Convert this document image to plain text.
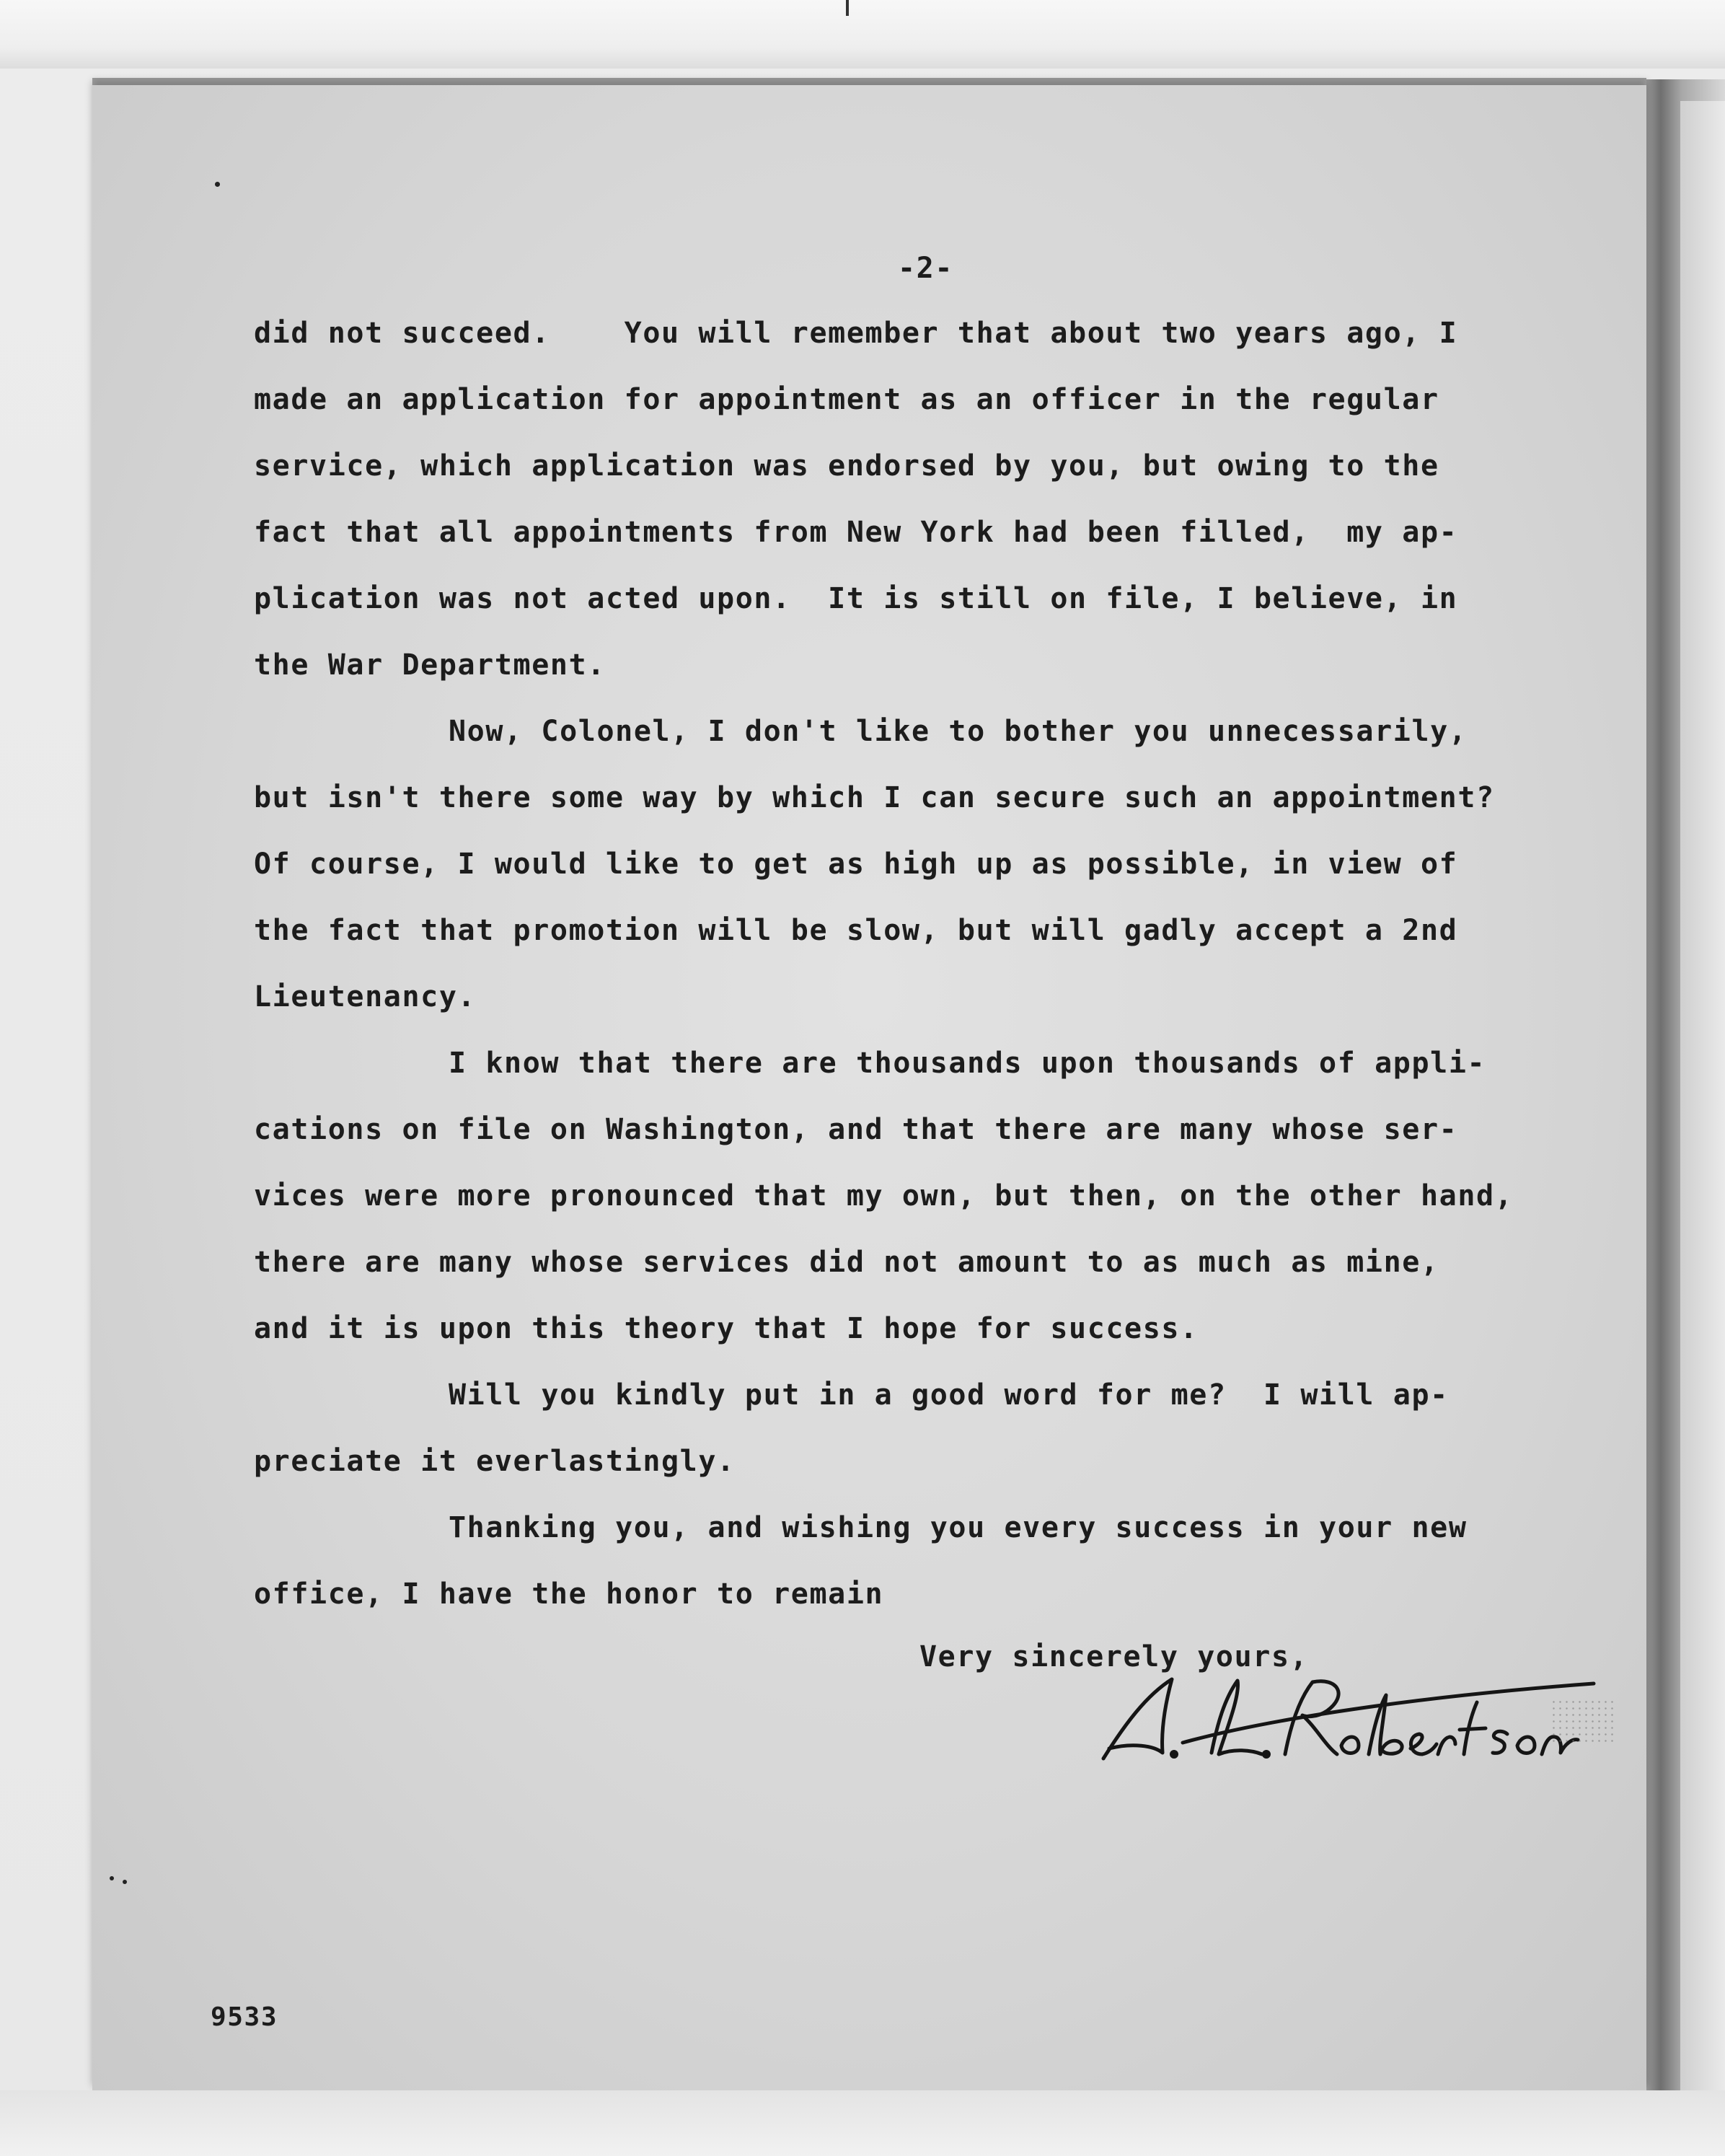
-2-
did not succeed.    You will remember that about two years ago, I
made an application for appointment as an officer in the regular
service, which application was endorsed by you, but owing to the
fact that all appointments from New York had been filled,  my ap-
plication was not acted upon.  It is still on file, I believe, in
the War Department.
Now, Colonel, I don't like to bother you unnecessarily,
but isn't there some way by which I can secure such an appointment?
Of course, I would like to get as high up as possible, in view of
the fact that promotion will be slow, but will gadly accept a 2nd
Lieutenancy.
I know that there are thousands upon thousands of appli-
cations on file on Washington, and that there are many whose ser-
vices were more pronounced that my own, but then, on the other hand,
there are many whose services did not amount to as much as mine,
and it is upon this theory that I hope for success.
Will you kindly put in a good word for me?  I will ap-
preciate it everlastingly.
Thanking you, and wishing you every success in your new
office, I have the honor to remain
Very sincerely yours,
9533
